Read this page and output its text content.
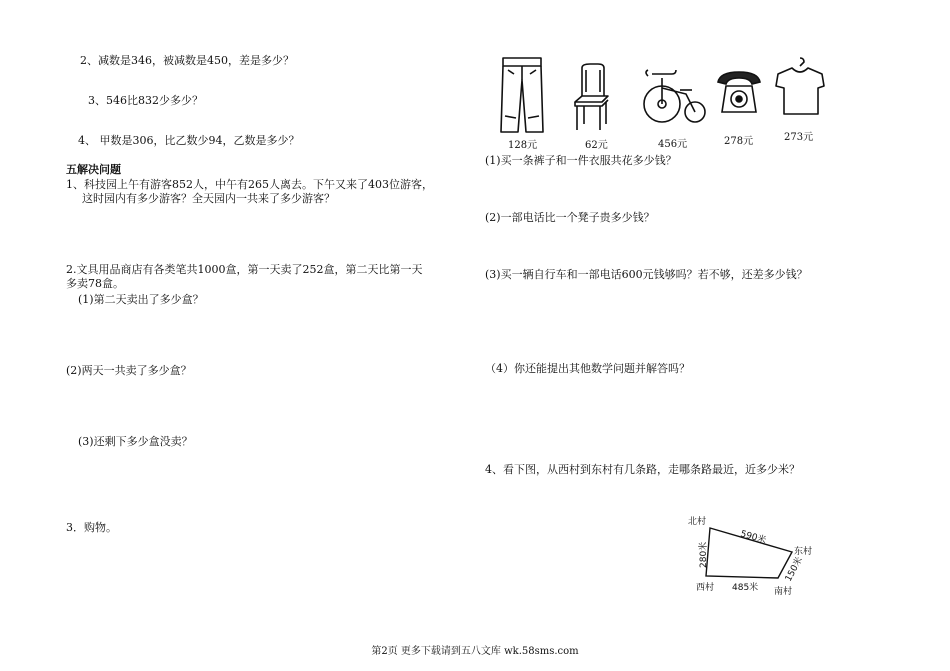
2、减数是346，被减数是450，差是多少？
3、546比832少多少？
4、 甲数是306，比乙数少94，乙数是多少？
五解决问题
1、科技园上午有游客852人，中午有265人离去。下午又来了403位游客，
这时园内有多少游客？全天园内一共来了多少游客？
2.文具用品商店有各类笔共1000盒，第一天卖了252盒，第二天比第一天
多卖78盒。
(1)第二天卖出了多少盒？
(2)两天一共卖了多少盒？
(3)还剩下多少盒没卖？
3．购物。
128元	62元	456元	278元	273元
(1)买一条裤子和一件衣服共花多少钱？
(2)一部电话比一个凳子贵多少钱？
(3)买一辆自行车和一部电话600元钱够吗？若不够，还差多少钱？
（4）你还能提出其他数学问题并解答吗？
4、看下图，从西村到东村有几条路，走哪条路最近，近多少米？
北村
东村
西村	南村
590米
280米
485米
150米
第2页 更多下载请到五八文库 wk.58sms.com
